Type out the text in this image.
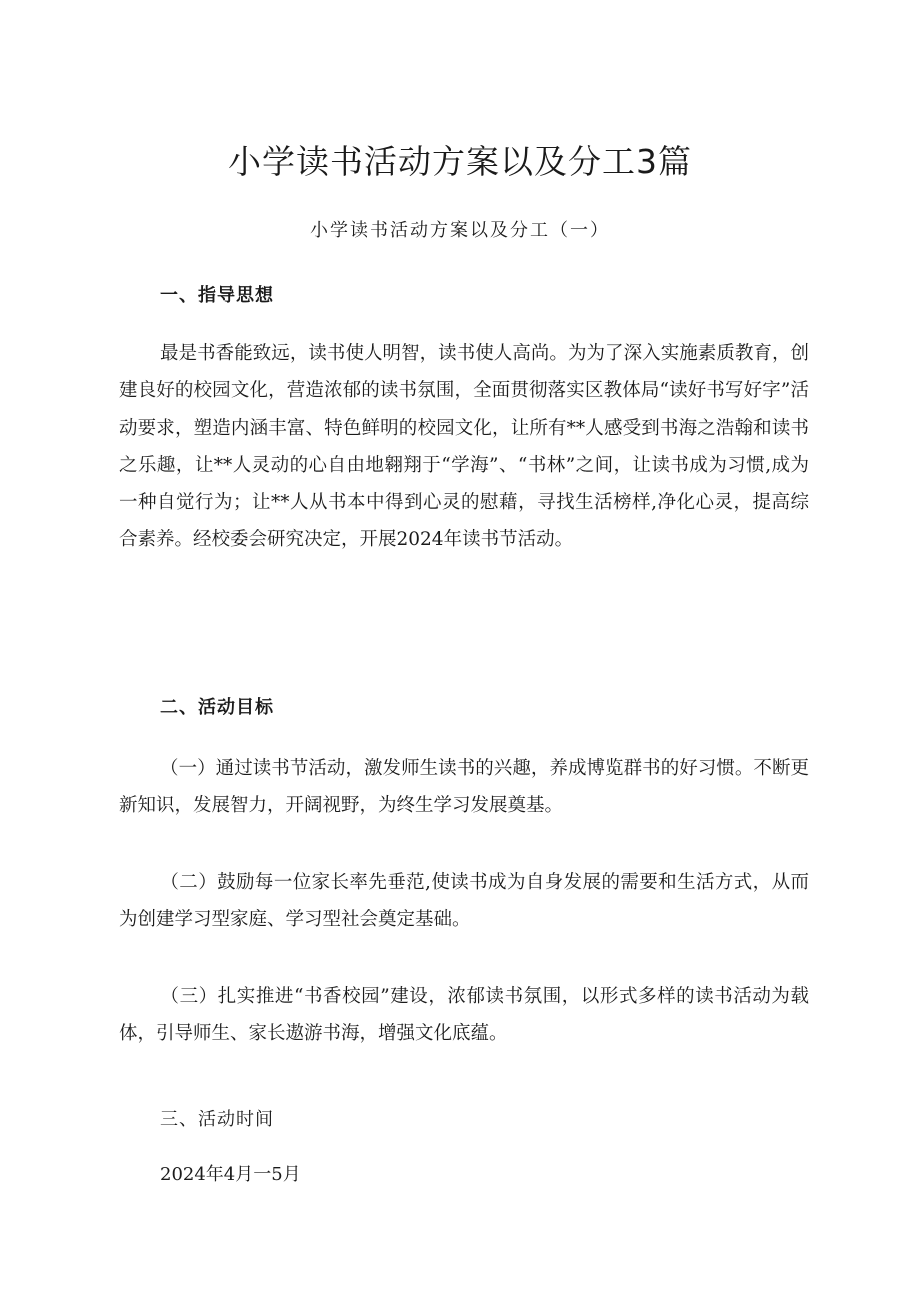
小学读书活动方案以及分工3篇

小学读书活动方案以及分工（一）

一、指导思想

最是书香能致远，读书使人明智，读书使人高尚。为为了深入实施素质教育，创建良好的校园文化，营造浓郁的读书氛围，全面贯彻落实区教体局“读好书写好字”活动要求，塑造内涵丰富、特色鲜明的校园文化，让所有**人感受到书海之浩翰和读书之乐趣，让**人灵动的心自由地翱翔于“学海”、“书林”之间，让读书成为习惯,成为一种自觉行为；让**人从书本中得到心灵的慰藉，寻找生活榜样,净化心灵，提高综合素养。经校委会研究决定，开展2024年读书节活动。

二、活动目标

（一）通过读书节活动，激发师生读书的兴趣，养成博览群书的好习惯。不断更新知识，发展智力，开阔视野，为终生学习发展奠基。

（二）鼓励每一位家长率先垂范,使读书成为自身发展的需要和生活方式，从而为创建学习型家庭、学习型社会奠定基础。

（三）扎实推进“书香校园”建设，浓郁读书氛围，以形式多样的读书活动为载体，引导师生、家长遨游书海，增强文化底蕴。

三、活动时间

2024年4月一5月
